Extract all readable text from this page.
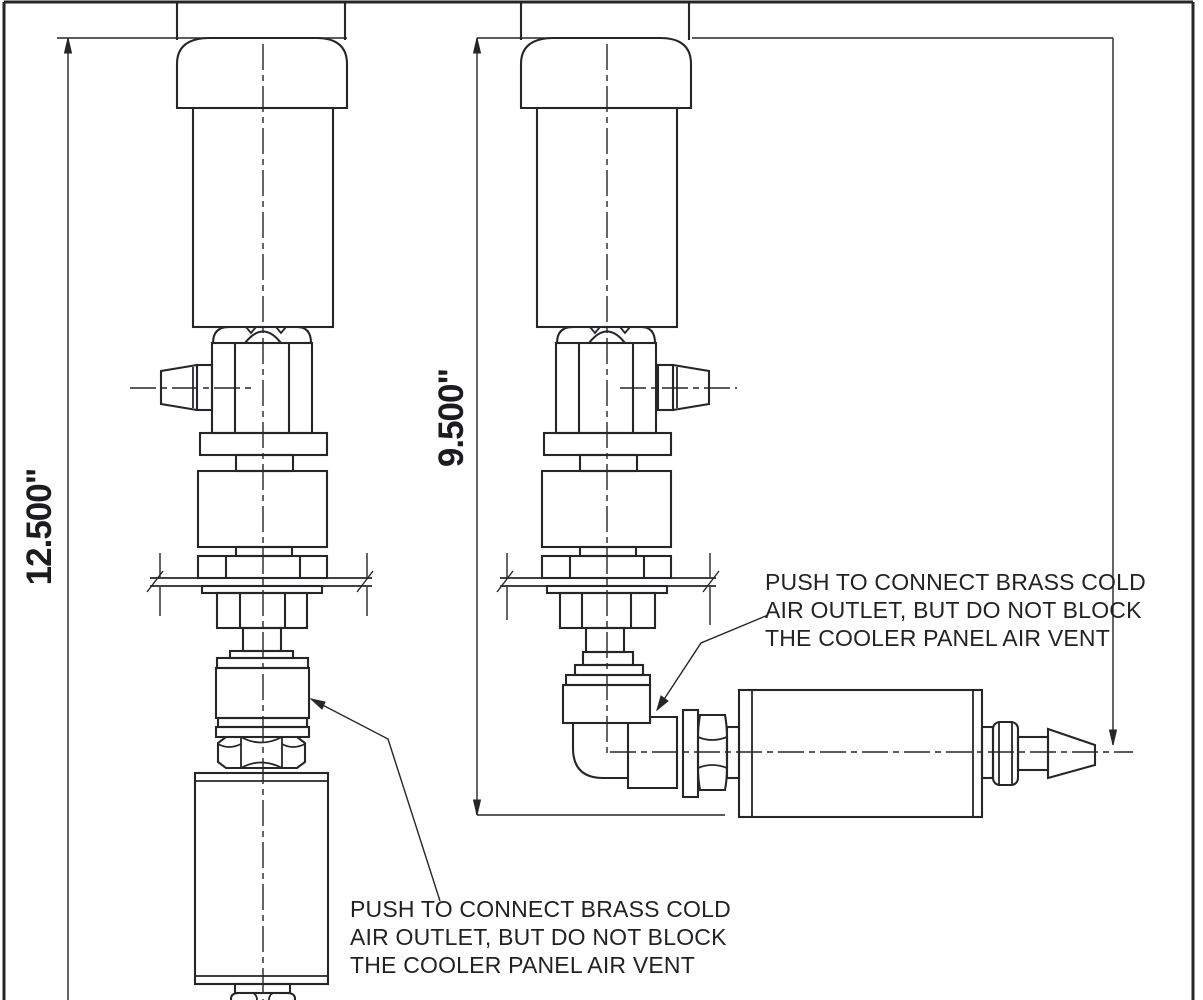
12.500"
9.500"
PUSH TO CONNECT BRASS COLD
AIR OUTLET, BUT DO NOT BLOCK
THE COOLER PANEL AIR VENT
PUSH TO CONNECT BRASS COLD
AIR OUTLET, BUT DO NOT BLOCK
THE COOLER PANEL AIR VENT
